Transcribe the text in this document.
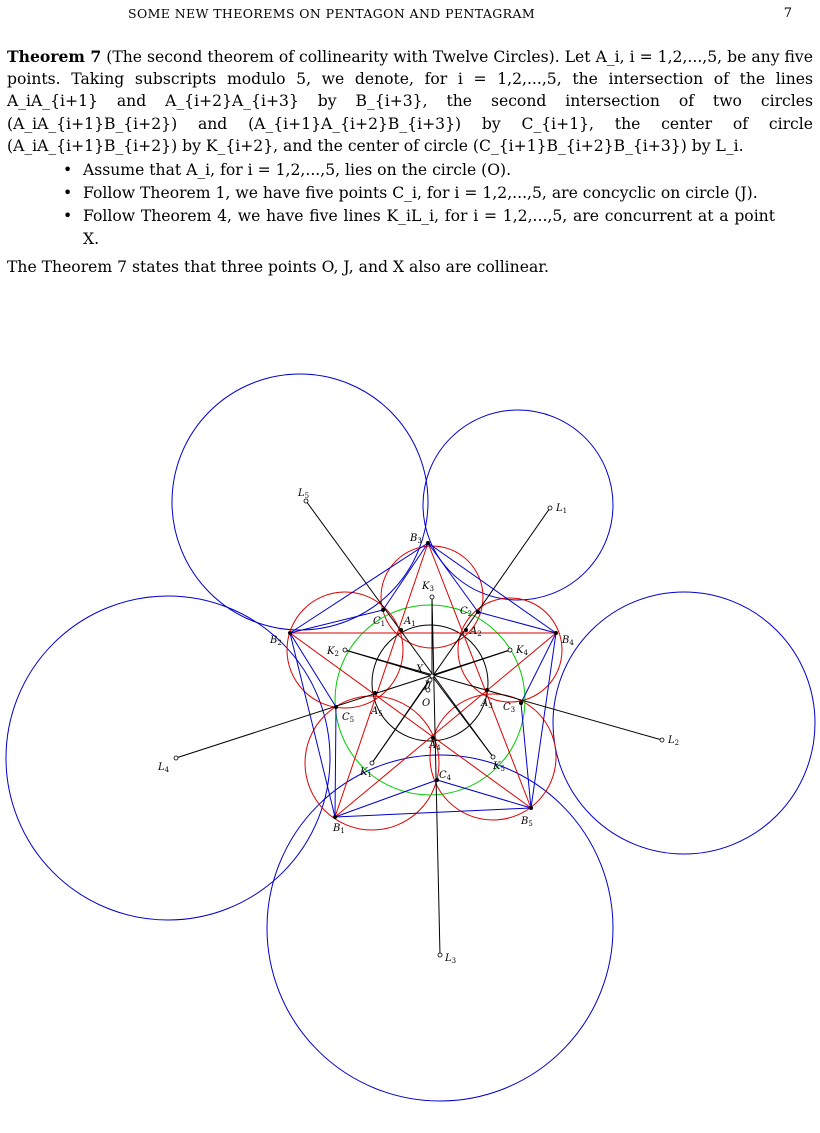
SOME NEW THEOREMS ON PENTAGON AND PENTAGRAM	7

Theorem 7 (The second theorem of collinearity with Twelve Circles). Let A_i, i = 1,2,...,5, be any five points. Taking subscripts modulo 5, we denote, for i = 1,2,...,5, the intersection of the lines A_iA_{i+1} and A_{i+2}A_{i+3} by B_{i+3}, the second intersection of two circles (A_iA_{i+1}B_{i+2}) and (A_{i+1}A_{i+2}B_{i+3}) by C_{i+1}, the center of circle (A_iA_{i+1}B_{i+2}) by K_{i+2}, and the center of circle (C_{i+1}B_{i+2}B_{i+3}) by L_i.

• Assume that A_i, for i = 1,2,...,5, lies on the circle (O).
• Follow Theorem 1, we have five points C_i, for i = 1,2,...,5, are concyclic on circle (J).
• Follow Theorem 4, we have five lines K_iL_i, for i = 1,2,...,5, are concurrent at a point X.

The Theorem 7 states that three points O, J, and X also are collinear.

$A_1$
$A_2$
$A_3$
$A_4$
$A_5$
$B_1$
$B_2$
$B_3$
$B_4$
$B_5$
$C_1$
$C_2$
$C_3$
$C_4$
$C_5$
$K_1$
$K_2$
$K_3$
$K_4$
$K_5$
$L_1$
$L_2$
$L_3$
$L_4$
$L_5$
O
J
X
